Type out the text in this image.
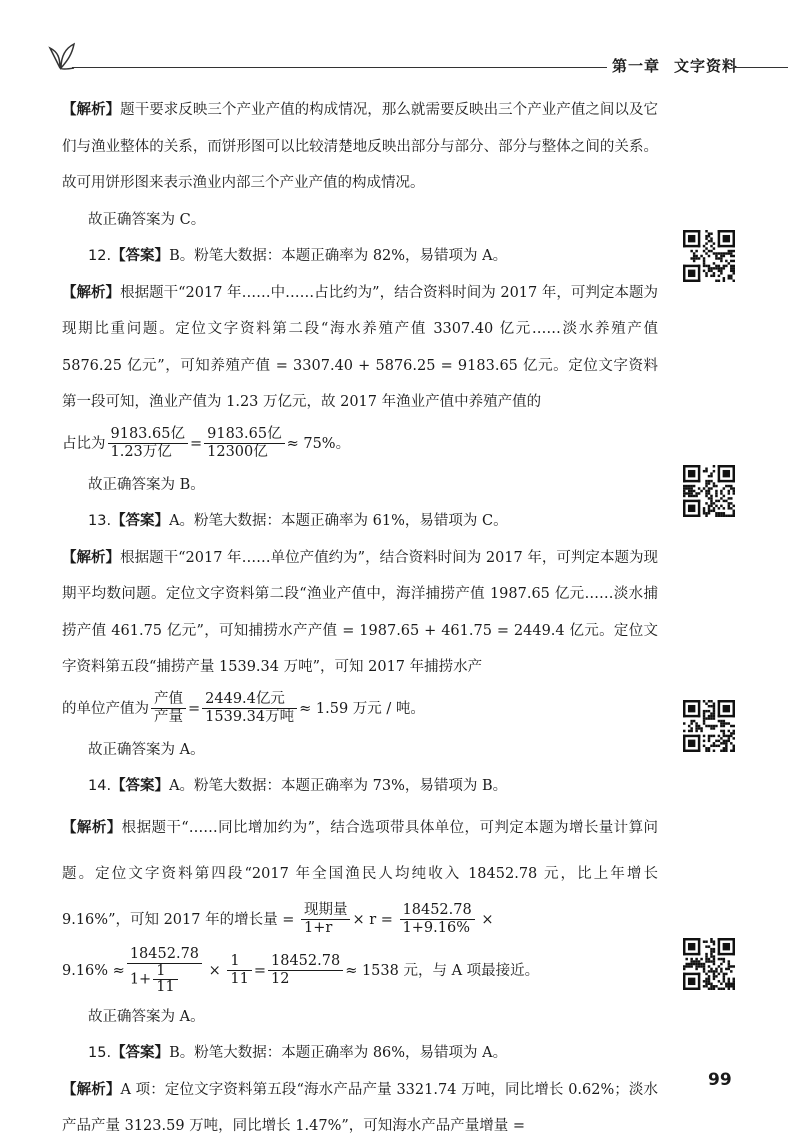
第一章 文字资料

【解析】题干要求反映三个产业产值的构成情况，那么就需要反映出三个产业产值之间以及它们与渔业整体的关系，而饼形图可以比较清楚地反映出部分与部分、部分与整体之间的关系。故可用饼形图来表示渔业内部三个产业产值的构成情况。

故正确答案为 C。

12.【答案】B。粉笔大数据：本题正确率为 82%，易错项为 A。

【解析】根据题干“2017 年……中……占比约为”，结合资料时间为 2017 年，可判定本题为现期比重问题。定位文字资料第二段“海水养殖产值 3307.40 亿元……淡水养殖产值 5876.25 亿元”，可知养殖产值 = 3307.40 + 5876.25 = 9183.65 亿元。定位文字资料第一段可知，渔业产值为 1.23 万亿元，故 2017 年渔业产值中养殖产值的

占比为 $\frac{\text{9183.65亿}}{\text{1.23万亿}} = \frac{\text{9183.65亿}}{\text{12300亿}} \approx 75\%$。

故正确答案为 B。

13.【答案】A。粉笔大数据：本题正确率为 61%，易错项为 C。

【解析】根据题干“2017 年……单位产值约为”，结合资料时间为 2017 年，可判定本题为现期平均数问题。定位文字资料第二段“渔业产值中，海洋捕捞产值 1987.65 亿元……淡水捕捞产值 461.75 亿元”，可知捕捞水产产值 = 1987.65 + 461.75 = 2449.4 亿元。定位文字资料第五段“捕捞产量 1539.34 万吨”，可知 2017 年捕捞水产

的单位产值为 $\frac{\text{产值}}{\text{产量}} = \frac{\text{2449.4亿元}}{\text{1539.34万吨}} \approx 1.59$ 万元 / 吨。

故正确答案为 A。

14.【答案】A。粉笔大数据：本题正确率为 73%，易错项为 B。

【解析】根据题干“……同比增加约为”，结合选项带具体单位，可判定本题为增长量计算问题。定位文字资料第四段“2017 年全国渔民人均纯收入 18452.78 元，比上年增长 9.16%”，可知 2017 年的增长量 = $\frac{\text{现期量}}{1+r} \times r = \frac{18452.78}{1+9.16\%}$ ×

$9.16\% \approx \frac{18452.78}{1+ \frac{1}{11}} \times \frac{1}{11} = \frac{18452.78}{12} \approx 1538$ 元，与 A 项最接近。

故正确答案为 A。

15.【答案】B。粉笔大数据：本题正确率为 86%，易错项为 A。

【解析】A 项：定位文字资料第五段“海水产品产量 3321.74 万吨，同比增长 0.62%；淡水产品产量 3123.59 万吨，同比增长 1.47%”，可知海水产品产量增量 =

99
